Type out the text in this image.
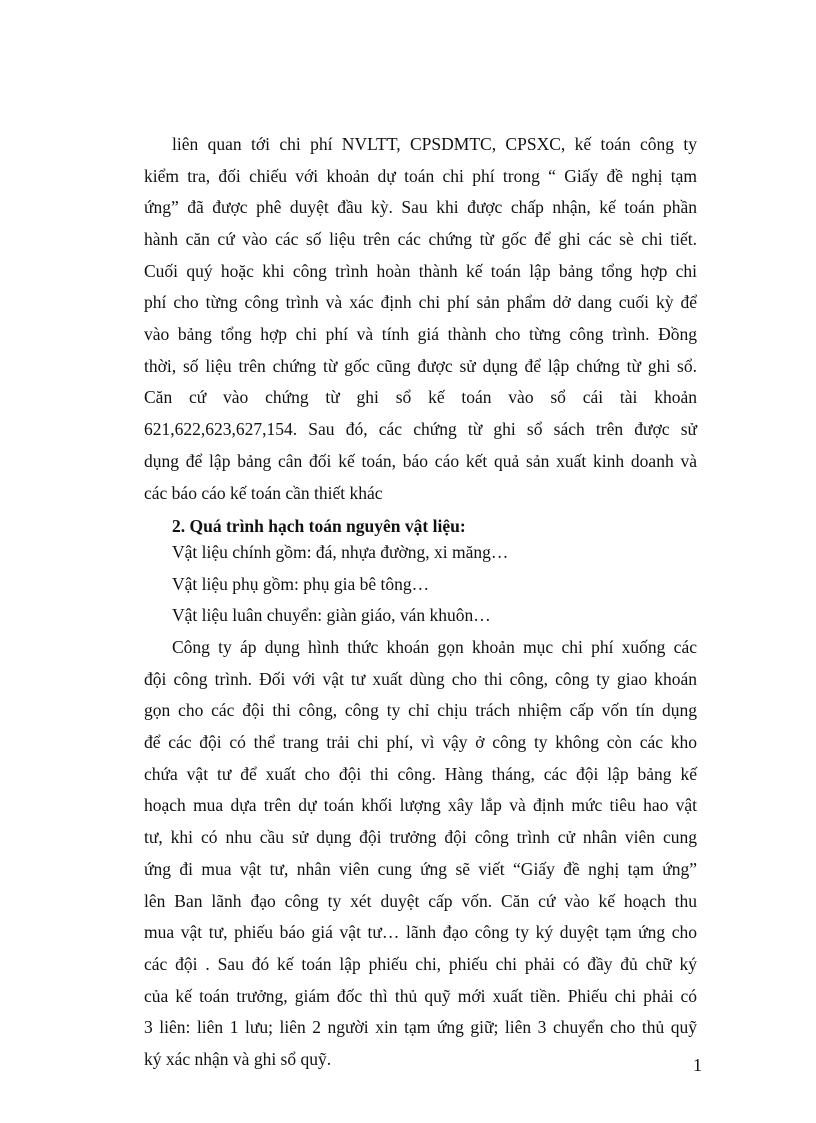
liên quan tới chi phí NVLTT, CPSDMTC, CPSXC, kế toán công ty
kiểm tra, đối chiếu với khoản dự toán chi phí trong “ Giấy đề nghị tạm
ứng” đã được phê duyệt đầu kỳ. Sau khi được chấp nhận, kế toán phần
hành căn cứ vào các số liệu trên các chứng từ gốc để ghi các sè chi tiết.
Cuối quý hoặc khi công trình hoàn thành kế toán lập bảng tổng hợp chi
phí cho từng công trình và xác định chi phí sản phẩm dở dang cuối kỳ để
vào bảng tổng hợp chi phí và tính giá thành cho từng công trình. Đồng
thời, số liệu trên chứng từ gốc cũng được sử dụng để lập chứng từ ghi sổ.
Căn cứ vào chứng từ ghi sổ kế toán vào sổ cái tài khoản
621,622,623,627,154. Sau đó, các chứng từ ghi sổ sách trên được sử
dụng để lập bảng cân đối kế toán, báo cáo kết quả sản xuất kinh doanh và
các báo cáo kế toán cần thiết khác
2. Quá trình hạch toán nguyên vật liệu:
Vật liệu chính gồm: đá, nhựa đường, xi măng…
Vật liệu phụ gồm: phụ gia bê tông…
Vật liệu luân chuyển: giàn giáo, ván khuôn…
Công ty áp dụng hình thức khoán gọn khoản mục chi phí xuống các
đội công trình. Đối với vật tư xuất dùng cho thi công, công ty giao khoán
gọn cho các đội thi công, công ty chỉ chịu trách nhiệm cấp vốn tín dụng
để các đội có thể trang trải chi phí, vì vậy ở công ty không còn các kho
chứa vật tư để xuất cho đội thi công. Hàng tháng, các đội lập bảng kế
hoạch mua dựa trên dự toán khối lượng xây lắp và định mức tiêu hao vật
tư, khi có nhu cầu sử dụng đội trưởng đội công trình cử nhân viên cung
ứng đi mua vật tư, nhân viên cung ứng sẽ viết “Giấy đề nghị tạm ứng”
lên Ban lãnh đạo công ty xét duyệt cấp vốn. Căn cứ vào kế hoạch thu
mua vật tư, phiếu báo giá vật tư… lãnh đạo công ty ký duyệt tạm ứng cho
các đội . Sau đó kế toán lập phiếu chi, phiếu chi phải có đầy đủ chữ ký
của kế toán trưởng, giám đốc thì thủ quỹ mới xuất tiền. Phiếu chi phải có
3 liên: liên 1 lưu; liên 2 người xin tạm ứng giữ; liên 3 chuyển cho thủ quỹ
ký xác nhận và ghi sổ quỹ.	1
